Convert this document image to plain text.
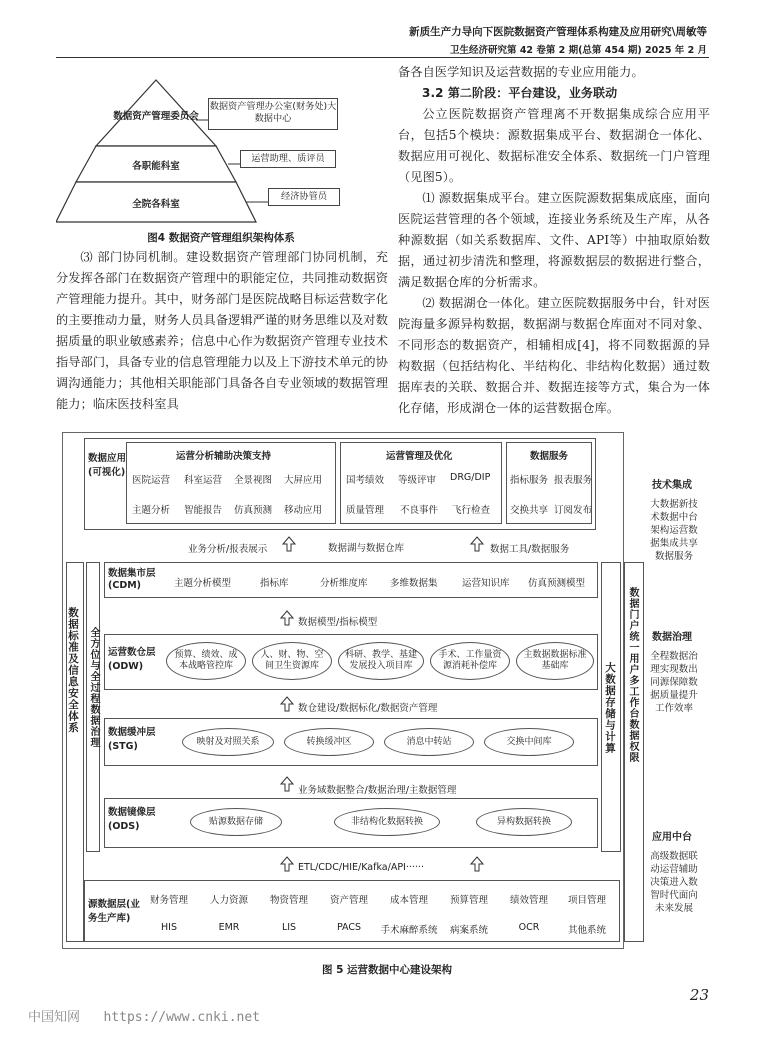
新质生产力导向下医院数据资产管理体系构建及应用研究\周敏等
卫生经济研究第 42 卷第 2 期(总第 454 期) 2025 年 2 月
数据资产管理委员会
各职能科室
全院各科室
数据资产管理办公室(财务处)大数据中心
运营助理、质评员
经济协管员
图4 数据资产管理组织架构体系

⑶ 部门协同机制。建设数据资产管理部门协同机制，充分发挥各部门在数据资产管理中的职能定位，共同推动数据资产管理能力提升。其中，财务部门是医院战略目标运营数字化的主要推动力量，财务人员具备逻辑严谨的财务思维以及对数据质量的职业敏感素养；信息中心作为数据资产管理专业技术指导部门，具备专业的信息管理能力以及上下游技术单元的协调沟通能力；其他相关职能部门具备各自专业领域的数据管理能力；临床医技科室具

备各自医学知识及运营数据的专业应用能力。

3.2 第二阶段：平台建设，业务联动

公立医院数据资产管理离不开数据集成综合应用平台，包括5个模块：源数据集成平台、数据湖仓一体化、数据应用可视化、数据标准安全体系、数据统一门户管理（见图5）。

⑴ 源数据集成平台。建立医院源数据集成底座，面向医院运营管理的各个领域，连接业务系统及生产库，从各种源数据（如关系数据库、文件、API等）中抽取原始数据，通过初步清洗和整理，将源数据层的数据进行整合，满足数据仓库的分析需求。

⑵ 数据湖仓一体化。建立医院数据服务中台，针对医院海量多源异构数据，数据湖与数据仓库面对不同对象、不同形态的数据资产，相辅相成[4]，将不同数据源的异构数据（包括结构化、半结构化、非结构化数据）通过数据库表的关联、数据合并、数据连接等方式，集合为一体化存储，形成湖仓一体的运营数据仓库。

数据标准及信息安全体系 全方位与全过程数据治理	大数据存储与计算 数据门户统一用户多工作台数据权限
数据应用(可视化)
运营分析辅助决策支持
医院运营 科室运营 全景视图 大屏应用
主题分析 智能报告 仿真预测 移动应用
运营管理及优化
国考绩效 等级评审 DRG/DIP
质量管理 不良事件 飞行检查
数据服务
指标服务 报表服务
交换共享 订阅发布
业务分析/报表展示	数据湖与数据仓库	数据工具/数据服务
数据集市层(CDM)	主题分析模型	指标库	分析维度库 多维数据集	运营知识库 仿真预测模型
数据模型/指标模型
运营数仓层(ODW)
预算、绩效、成本战略管控库
人、财、物、空间卫生资源库
科研、教学、基建发展投入项目库
手术、工作量资源消耗补偿库
主数据数据标准基础库
数仓建设/数据标化/数据资产管理
数据缓冲层(STG)	映射及对照关系	转换缓冲区	消息中转站	交换中间库
业务域数据整合/数据治理/主数据管理
数据镜像层(ODS)	贴源数据存储	非结构化数据转换	异构数据转换
ETL/CDC/HIE/Kafka/API······
源数据层(业务生产库)
财务管理	人力资源	物资管理	资产管理	成本管理	预算管理	绩效管理	项目管理
HIS	EMR	LIS	PACS	手术麻醉系统	病案系统	OCR	其他系统
技术集成
大数据新技术数据中台架构运营数据集成共享数据服务
数据治理
全程数据治理实现数出同源保障数据质量提升工作效率
应用中台
高级数据联动运营辅助决策进入数智时代面向未来发展
图 5 运营数据中心建设架构
23
中国知网   https://www.cnki.net
